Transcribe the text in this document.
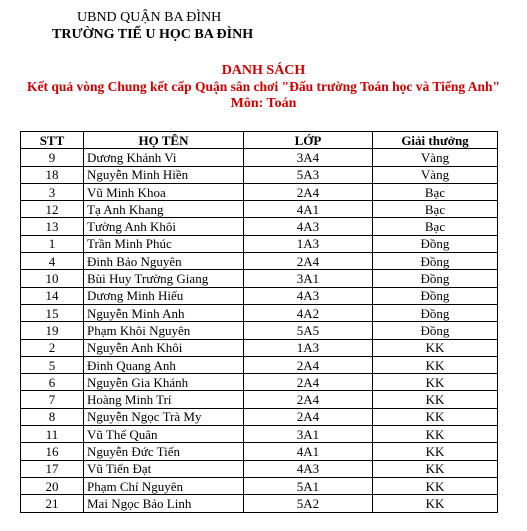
UBND QUẬN BA ĐÌNH
TRƯỜNG TIỂ U HỌC BA ĐÌNH
DANH SÁCH
Kết quả vòng Chung kết cấp Quận sân chơi "Đấu trường Toán học và Tiếng Anh"
Môn: Toán
STT	HỌ TÊN	LỚP	Giải thưởng
9	Dương Khánh Vi	3A4	Vàng
18	Nguyễn Minh Hiền	5A3	Vàng
3	Vũ Minh Khoa	2A4	Bạc
12	Tạ Anh Khang	4A1	Bạc
13	Tường Anh Khôi	4A3	Bạc
1	Trần Minh Phúc	1A3	Đồng
4	Đinh Bảo Nguyên	2A4	Đồng
10	Bùi Huy Trường Giang	3A1	Đồng
14	Dương Minh Hiếu	4A3	Đồng
15	Nguyễn Minh Anh	4A2	Đồng
19	Phạm Khôi Nguyên	5A5	Đồng
2	Nguyễn Anh Khôi	1A3	KK
5	Đinh Quang Anh	2A4	KK
6	Nguyễn Gia Khánh	2A4	KK
7	Hoàng Minh Trí	2A4	KK
8	Nguyễn Ngọc Trà My	2A4	KK
11	Vũ Thế Quân	3A1	KK
16	Nguyễn Đức Tiến	4A1	KK
17	Vũ Tiến Đạt	4A3	KK
20	Phạm Chí Nguyên	5A1	KK
21	Mai Ngọc Bảo Linh	5A2	KK
